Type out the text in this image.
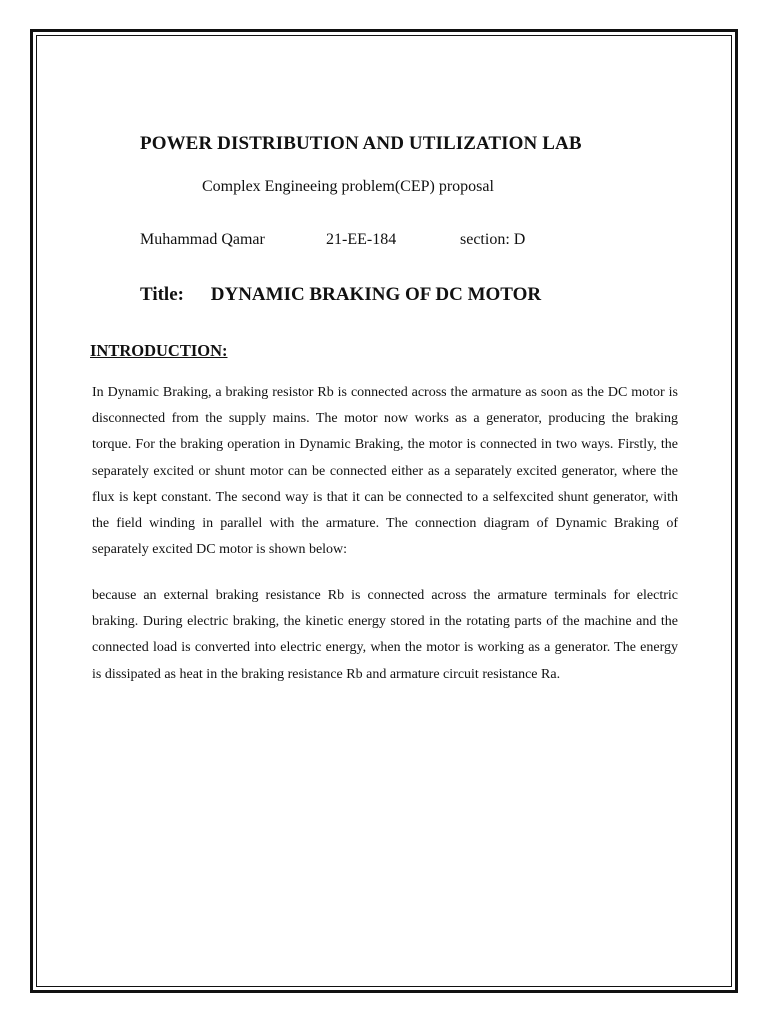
POWER DISTRIBUTION AND UTILIZATION LAB
Complex Engineeing problem(CEP) proposal
Muhammad Qamar	21-EE-184	section: D
Title: DYNAMIC BRAKING OF DC MOTOR
INTRODUCTION:

In Dynamic Braking, a braking resistor Rb is connected across the armature as soon as the DC motor is disconnected from the supply mains. The motor now works as a generator, producing the braking torque. For the braking operation in Dynamic Braking, the motor is connected in two ways. Firstly, the separately excited or shunt motor can be connected either as a separately excited generator, where the flux is kept constant. The second way is that it can be connected to a selfexcited shunt generator, with the field winding in parallel with the armature. The connection diagram of Dynamic Braking of separately excited DC motor is shown below:

because an external braking resistance Rb is connected across the armature terminals for electric braking. During electric braking, the kinetic energy stored in the rotating parts of the machine and the connected load is converted into electric energy, when the motor is working as a generator. The energy is dissipated as heat in the braking resistance Rb and armature circuit resistance Ra.
